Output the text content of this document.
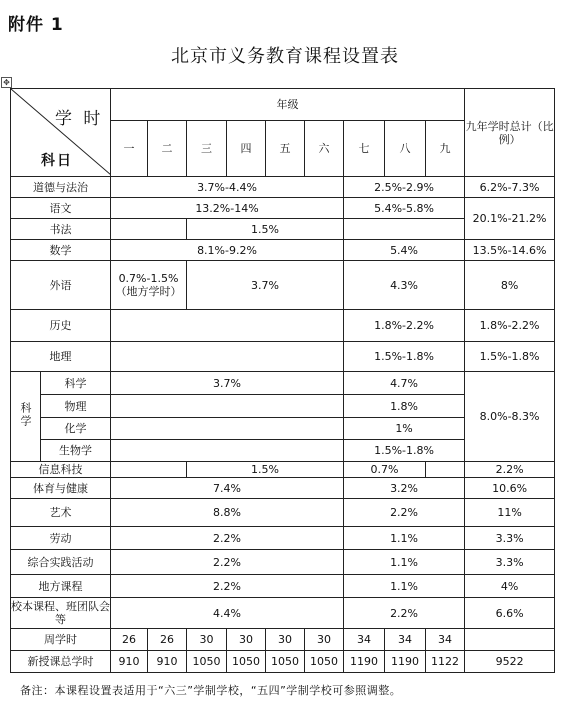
附件 1
北京市义务教育课程设置表
✥
学 时
科日		年级									九年学时总计（比例）
		一	二	三	四	五	六	七	八	九	
道德与法治		3.7%-4.4%						2.5%-2.9%			6.2%-7.3%
语文		13.2%-14%						5.4%-5.8%			20.1%-21.2%
书法				1.5%							
数学		8.1%-9.2%						5.4%			13.5%-14.6%
外语		0.7%-1.5%（地方学时）		3.7%				4.3%			8%
历史								1.8%-2.2%			1.8%-2.2%
地理								1.5%-1.8%			1.5%-1.8%
科学	科学	3.7%						4.7%			8.0%-8.3%
	物理							1.8%			
	化学							1%			
	生物学							1.5%-1.8%			
信息科技				1.5%				0.7%			2.2%
体育与健康		7.4%						3.2%			10.6%
艺术		8.8%						2.2%			11%
劳动		2.2%						1.1%			3.3%
综合实践活动		2.2%						1.1%			3.3%
地方课程		2.2%						1.1%			4%
校本课程、班团队会等		4.4%						2.2%			6.6%
周学时		26	26	30	30	30	30	34	34	34	
新授课总学时		910	910	1050	1050	1050	1050	1190	1190	1122	9522
备注：本课程设置表适用于“六三”学制学校，“五四”学制学校可参照调整。
